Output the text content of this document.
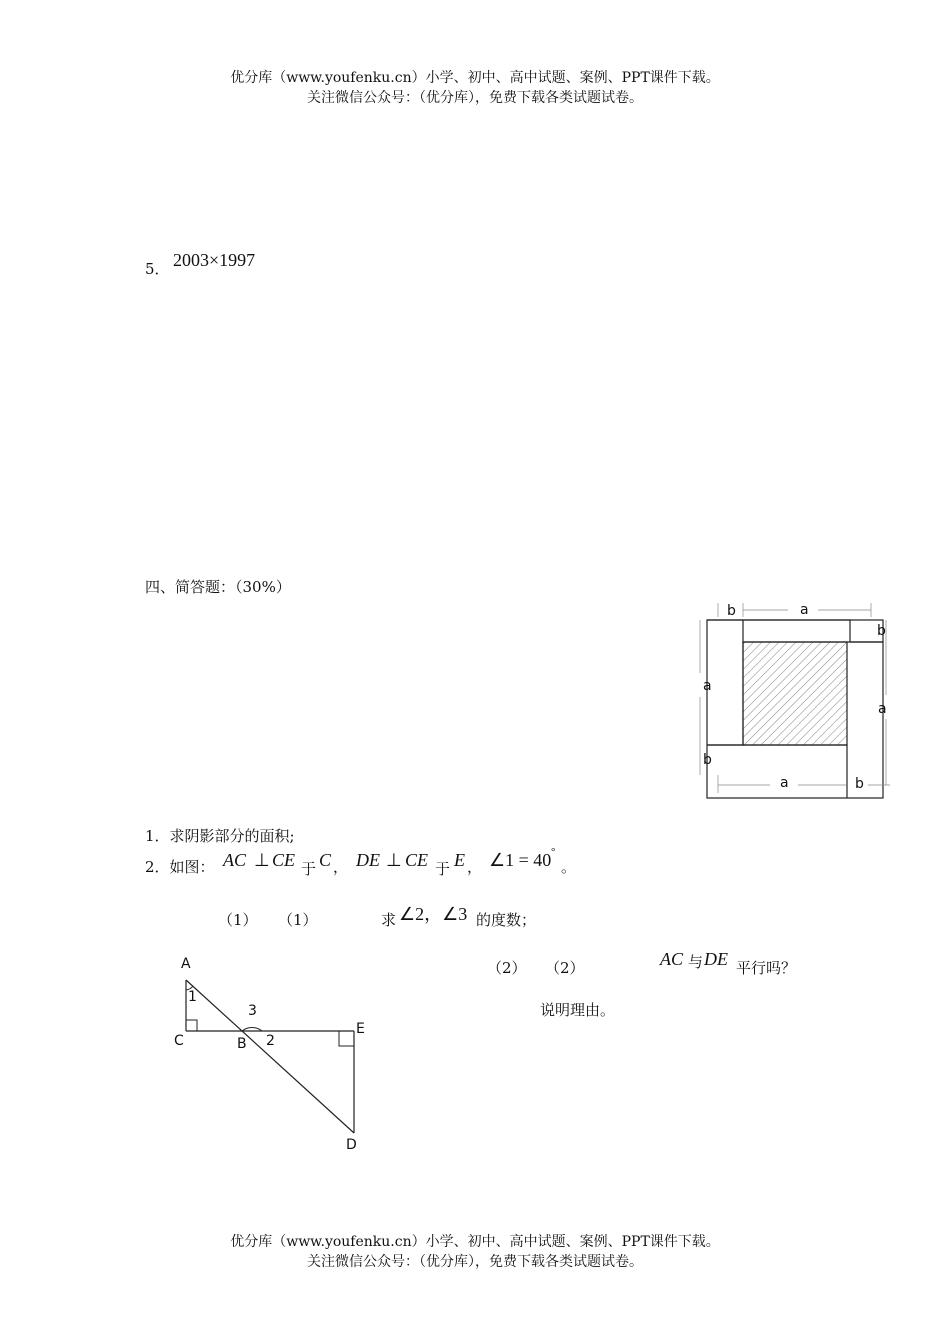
优分库（www.youfenku.cn）小学、初中、高中试题、案例、PPT课件下载。
关注微信公众号：（优分库），免费下载各类试题试卷。
5． 2003×1997
四、简答题：（30%）
b	a
b
a
a
b
a	b
1．求阴影部分的面积;
2．如图： AC ⊥ CE 于 C ， DE ⊥ CE 于 E ， ∠1 = 40 °
。
（1） （1）	求 ∠2，∠3 的度数；
（2） （2）	AC 与 DE 平行吗？
说明理由。
A
1
3
C	B 2
E
D
优分库（www.youfenku.cn）小学、初中、高中试题、案例、PPT课件下载。
关注微信公众号：（优分库），免费下载各类试题试卷。
